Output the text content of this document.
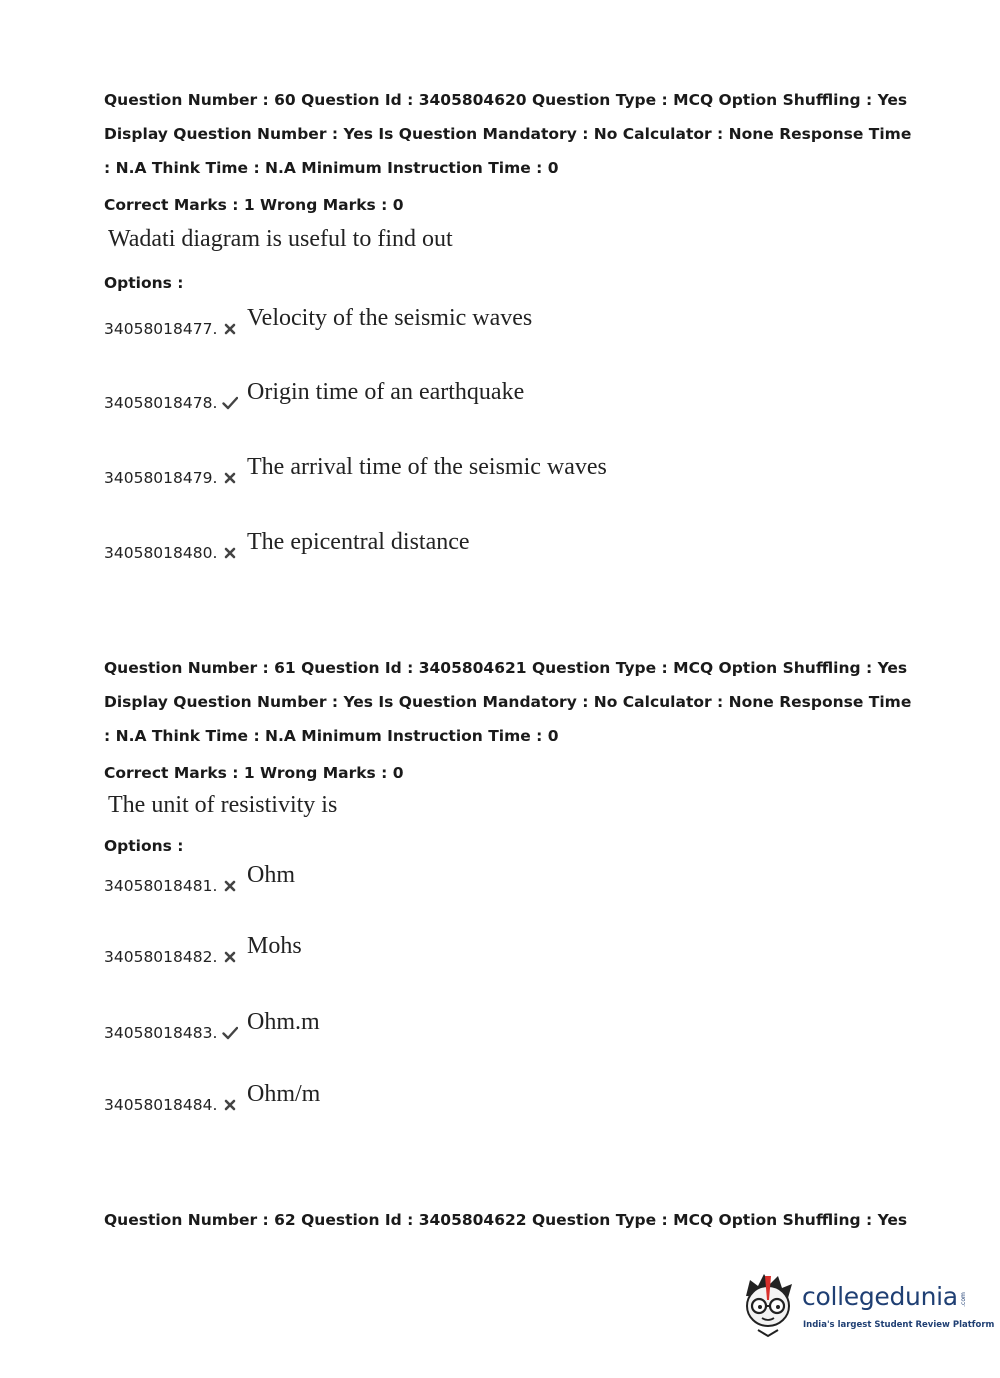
Question Number : 60 Question Id : 3405804620 Question Type : MCQ Option Shuffling : Yes
Display Question Number : Yes Is Question Mandatory : No Calculator : None Response Time
: N.A Think Time : N.A Minimum Instruction Time : 0
Correct Marks : 1 Wrong Marks : 0
Wadati diagram is useful to find out
Options :
34058018477. Velocity of the seismic waves
34058018478. Origin time of an earthquake
34058018479. The arrival time of the seismic waves
34058018480. The epicentral distance
Question Number : 61 Question Id : 3405804621 Question Type : MCQ Option Shuffling : Yes
Display Question Number : Yes Is Question Mandatory : No Calculator : None Response Time
: N.A Think Time : N.A Minimum Instruction Time : 0
Correct Marks : 1 Wrong Marks : 0
The unit of resistivity is
Options :
34058018481. Ohm
34058018482. Mohs
34058018483. Ohm.m
34058018484. Ohm/m
Question Number : 62 Question Id : 3405804622 Question Type : MCQ Option Shuffling : Yes
collegedunia .com
India's largest Student Review Platform
